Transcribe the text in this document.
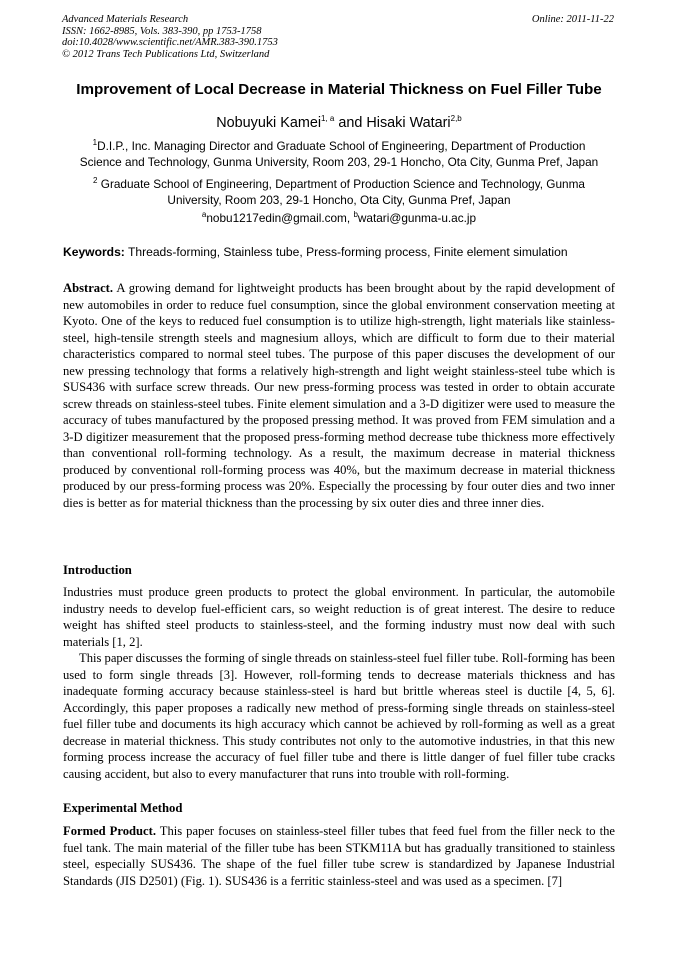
Advanced Materials Research
ISSN: 1662-8985, Vols. 383-390, pp 1753-1758
doi:10.4028/www.scientific.net/AMR.383-390.1753
© 2012 Trans Tech Publications Ltd, Switzerland
Online: 2011-11-22
Improvement of Local Decrease in Material Thickness on Fuel Filler Tube
Nobuyuki Kamei$^{1, a}$ and Hisaki Watari$^{2,b}$
$^1$D.I.P., Inc. Managing Director and Graduate School of Engineering, Department of Production
Science and Technology, Gunma University, Room 203, 29-1 Honcho, Ota City, Gunma Pref, Japan
$^2$ Graduate School of Engineering, Department of Production Science and Technology, Gunma
University, Room 203, 29-1 Honcho, Ota City, Gunma Pref, Japan
$^a$nobu1217edin@gmail.com, $^b$watari@gunma-u.ac.jp
Keywords: Threads-forming, Stainless tube, Press-forming process, Finite element simulation
Abstract. A growing demand for lightweight products has been brought about by the rapid development of new automobiles in order to reduce fuel consumption, since the global environment conservation meeting at Kyoto. One of the keys to reduced fuel consumption is to utilize high-strength, light materials like stainless-steel, high-tensile strength steels and magnesium alloys, which are difficult to form due to their material characteristics compared to normal steel tubes. The purpose of this paper discuses the development of our new pressing technology that forms a relatively high-strength and light weight stainless-steel tube which is SUS436 with surface screw threads. Our new press-forming process was tested in order to obtain accurate screw threads on stainless-steel tubes. Finite element simulation and a 3-D digitizer were used to measure the accuracy of tubes manufactured by the proposed pressing method. It was proved from FEM simulation and a 3-D digitizer measurement that the proposed press-forming method decrease tube thickness more effectively than conventional roll-forming technology. As a result, the maximum decrease in material thickness produced by conventional roll-forming process was 40%, but the maximum decrease in material thickness produced by our press-forming process was 20%. Especially the processing by four outer dies and two inner dies is better as for material thickness than the processing by six outer dies and three inner dies.
Introduction
Industries must produce green products to protect the global environment. In particular, the automobile industry needs to develop fuel-efficient cars, so weight reduction is of great interest. The desire to reduce weight has shifted steel products to stainless-steel, and the forming industry must now deal with such materials [1, 2].
This paper discusses the forming of single threads on stainless-steel fuel filler tube. Roll-forming has been used to form single threads [3]. However, roll-forming tends to decrease materials thickness and has inadequate forming accuracy because stainless-steel is hard but brittle whereas steel is ductile [4, 5, 6]. Accordingly, this paper proposes a radically new method of press-forming single threads on stainless-steel fuel filler tube and documents its high accuracy which cannot be achieved by roll-forming as well as a great decrease in material thickness. This study contributes not only to the automotive industries, in that this new forming process increase the accuracy of fuel filler tube and there is little danger of fuel filler tube cracks causing accident, but also to every manufacturer that runs into trouble with roll-forming.
Experimental Method
Formed Product. This paper focuses on stainless-steel filler tubes that feed fuel from the filler neck to the fuel tank. The main material of the filler tube has been STKM11A but has gradually transitioned to stainless steel, especially SUS436. The shape of the fuel filler tube screw is standardized by Japanese Industrial Standards (JIS D2501) (Fig. 1). SUS436 is a ferritic stainless-steel and was used as a specimen. [7]
